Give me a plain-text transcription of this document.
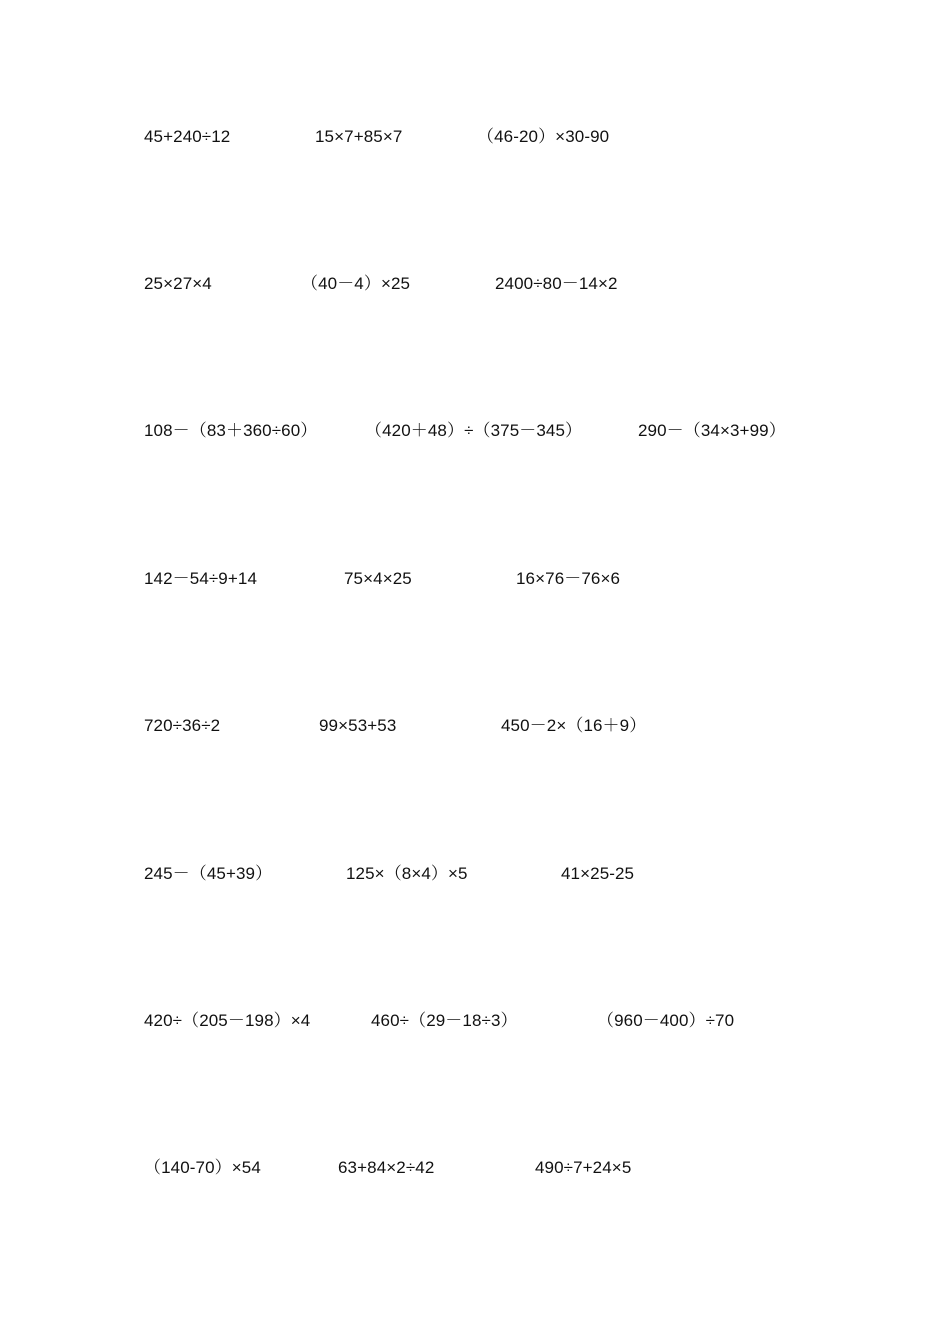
45+240÷12	15×7+85×7	（46-20）×30-90
25×27×4	（40－4）×25	2400÷80－14×2
108－（83＋360÷60）	（420＋48）÷（375－345）	290－（34×3+99）
142－54÷9+14	75×4×25	16×76－76×6
720÷36÷2	99×53+53	450－2×（16＋9）
245－（45+39）	125×（8×4）×5	41×25-25
420÷（205－198）×4	460÷（29－18÷3）	（960－400）÷70
（140-70）×54	63+84×2÷42	490÷7+24×5
